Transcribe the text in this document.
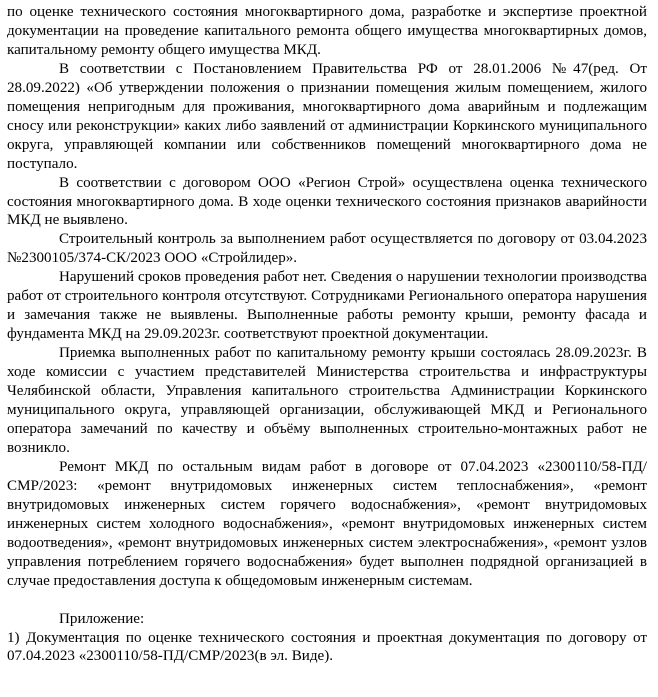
по оценке технического состояния многоквартирного дома, разработке и экспертизе проектной документации на проведение капитального ремонта общего имущества многоквартирных домов, капитальному ремонту общего имущества МКД.

В соответствии с Постановлением Правительства РФ от 28.01.2006 №47(ред. От 28.09.2022) «Об утверждении положения о признании помещения жилым помещением, жилого помещения непригодным для проживания, многоквартирного дома аварийным и подлежащим сносу или реконструкции» каких либо заявлений от администрации Коркинского муниципального округа, управляющей компании или собственников помещений многоквартирного дома не поступало.

В соответствии с договором ООО «Регион Строй» осуществлена оценка технического состояния многоквартирного дома. В ходе оценки технического состояния признаков аварийности МКД не выявлено.

Строительный контроль за выполнением работ осуществляется по договору от 03.04.2023 №2300105/374-СК/2023 ООО «Стройлидер».

Нарушений сроков проведения работ нет. Сведения о нарушении технологии производства работ от строительного контроля отсутствуют. Сотрудниками Регионального оператора нарушения и замечания также не выявлены. Выполненные работы ремонту крыши, ремонту фасада и фундамента МКД на 29.09.2023г. соответствуют проектной документации.

Приемка выполненных работ по капитальному ремонту крыши состоялась 28.09.2023г. В ходе комиссии с участием представителей Министерства строительства и инфраструктуры Челябинской области, Управления капитального строительства Администрации Коркинского муниципального округа, управляющей организации, обслуживающей МКД и Регионального оператора замечаний по качеству и объёму выполненных строительно-монтажных работ не возникло.

Ремонт МКД по остальным видам работ в договоре от 07.04.2023 «2300110/58-ПД/СМР/2023: «ремонт внутридомовых инженерных систем теплоснабжения», «ремонт внутридомовых инженерных систем горячего водоснабжения», «ремонт внутридомовых инженерных систем холодного водоснабжения», «ремонт внутридомовых инженерных систем водоотведения», «ремонт внутридомовых инженерных систем электроснабжения», «ремонт узлов управления потреблением горячего водоснабжения» будет выполнен подрядной организацией в случае предоставления доступа к общедомовым инженерным системам.

Приложение:

1) Документация по оценке технического состояния и проектная документация по договору от 07.04.2023 «2300110/58-ПД/СМР/2023(в эл. Виде).
